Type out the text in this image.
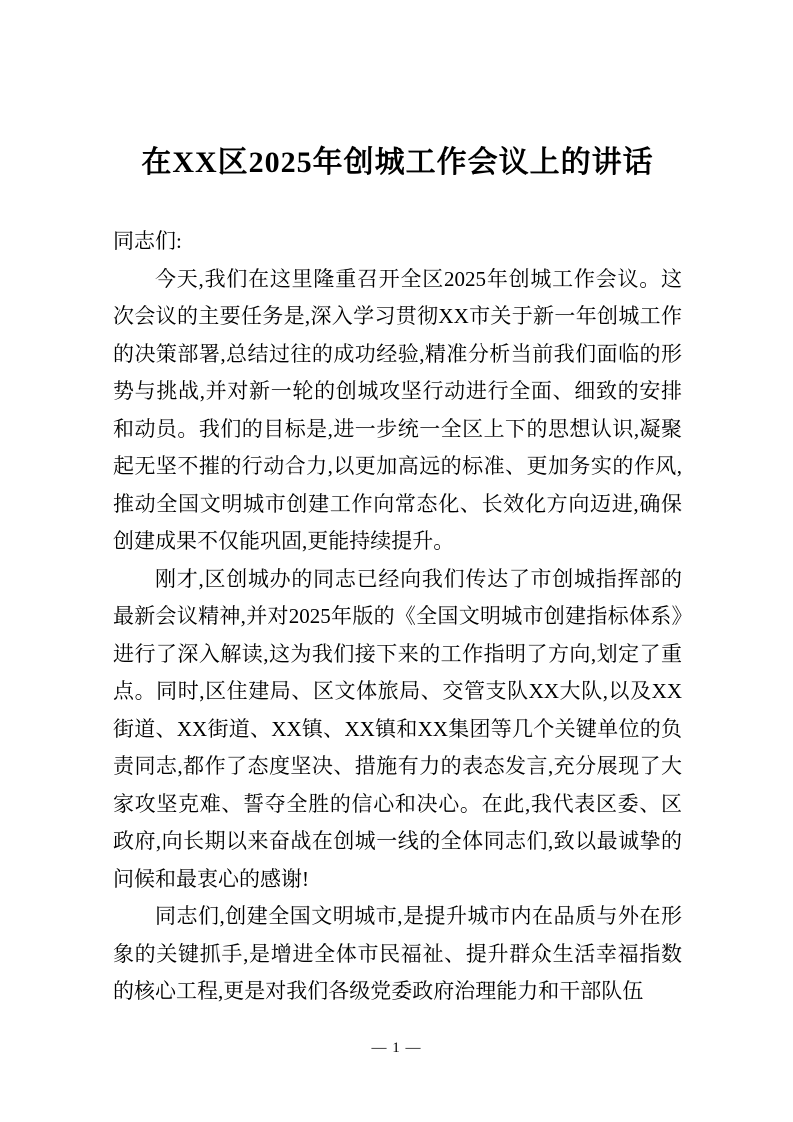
在XX区2025年创城工作会议上的讲话

同志们:

今天,我们在这里隆重召开全区2025年创城工作会议。这次会议的主要任务是,深入学习贯彻XX市关于新一年创城工作的决策部署,总结过往的成功经验,精准分析当前我们面临的形势与挑战,并对新一轮的创城攻坚行动进行全面、细致的安排和动员。我们的目标是,进一步统一全区上下的思想认识,凝聚起无坚不摧的行动合力,以更加高远的标准、更加务实的作风,推动全国文明城市创建工作向常态化、长效化方向迈进,确保创建成果不仅能巩固,更能持续提升。

刚才,区创城办的同志已经向我们传达了市创城指挥部的最新会议精神,并对2025年版的《全国文明城市创建指标体系》进行了深入解读,这为我们接下来的工作指明了方向,划定了重点。同时,区住建局、区文体旅局、交管支队XX大队,以及XX街道、XX街道、XX镇、XX镇和XX集团等几个关键单位的负责同志,都作了态度坚决、措施有力的表态发言,充分展现了大家攻坚克难、誓夺全胜的信心和决心。在此,我代表区委、区政府,向长期以来奋战在创城一线的全体同志们,致以最诚挚的问候和最衷心的感谢!

同志们,创建全国文明城市,是提升城市内在品质与外在形象的关键抓手,是增进全体市民福祉、提升群众生活幸福指数的核心工程,更是对我们各级党委政府治理能力和干部队伍

— 1 —
